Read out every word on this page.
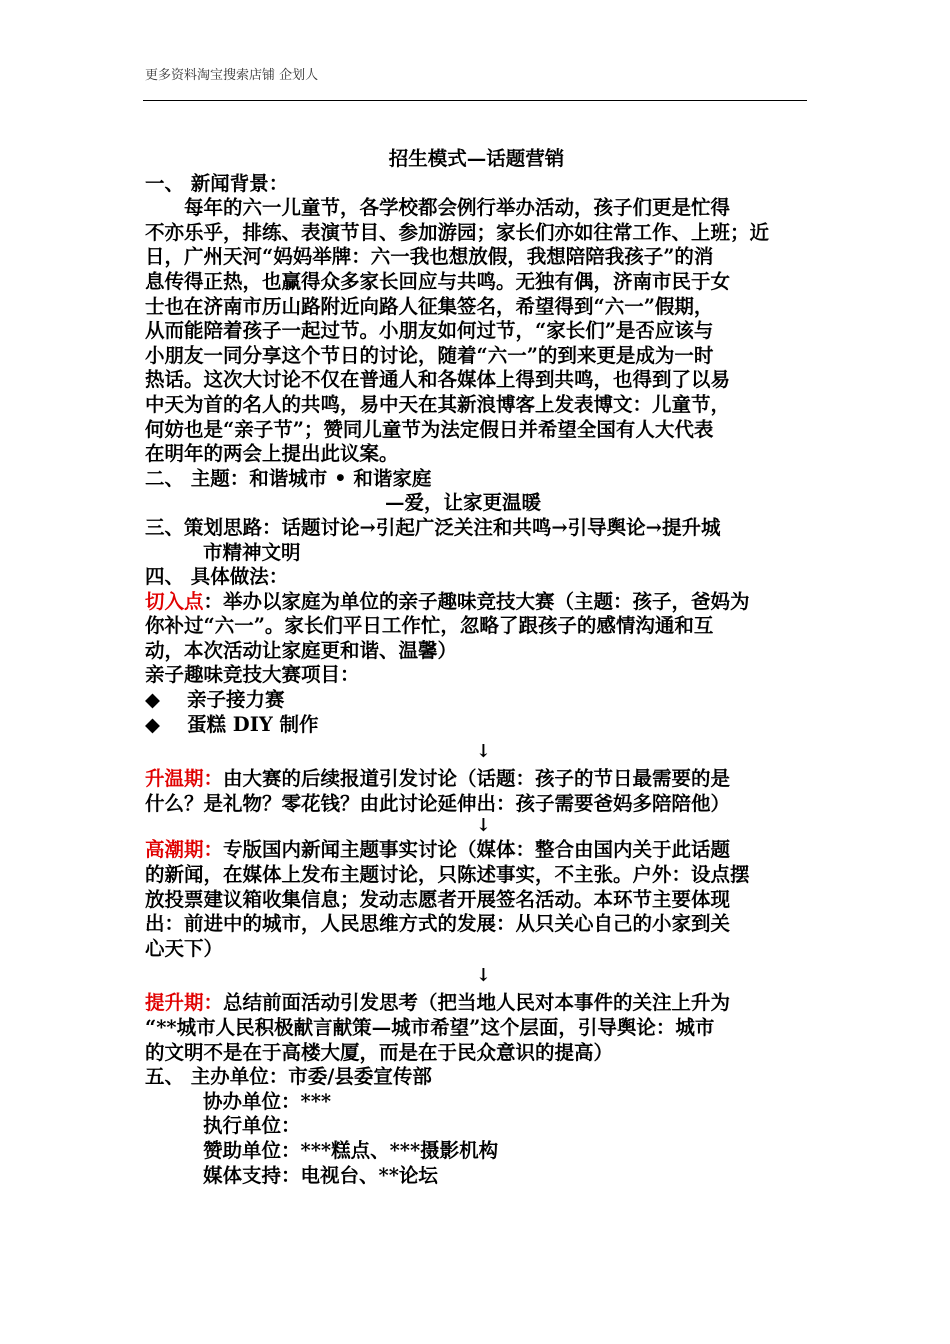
更多资料淘宝搜索店铺 企划人
招生模式—话题营销
一、 新闻背景：
　　每年的六一儿童节，各学校都会例行举办活动，孩子们更是忙得
不亦乐乎，排练、表演节目、参加游园；家长们亦如往常工作、上班；近
日，广州天河“妈妈举牌：六一我也想放假，我想陪陪我孩子”的消
息传得正热，也赢得众多家长回应与共鸣。无独有偶，济南市民于女
士也在济南市历山路附近向路人征集签名，希望得到“六一”假期，
从而能陪着孩子一起过节。小朋友如何过节，“家长们”是否应该与
小朋友一同分享这个节日的讨论，随着“六一”的到来更是成为一时
热话。这次大讨论不仅在普通人和各媒体上得到共鸣，也得到了以易
中天为首的名人的共鸣，易中天在其新浪博客上发表博文：儿童节，
何妨也是“亲子节”；赞同儿童节为法定假日并希望全国有人大代表
在明年的两会上提出此议案。
二、 主题：和谐城市 • 和谐家庭
—爱，让家更温暖
三、策划思路：话题讨论→引起广泛关注和共鸣→引导舆论→提升城
市精神文明
四、 具体做法：
切入点：举办以家庭为单位的亲子趣味竞技大赛（主题：孩子，爸妈为
你补过“六一”。家长们平日工作忙，忽略了跟孩子的感情沟通和互
动，本次活动让家庭更和谐、温馨）
亲子趣味竞技大赛项目：
◆ 亲子接力赛
◆ 蛋糕 DIY 制作
↓
升温期：由大赛的后续报道引发讨论（话题：孩子的节日最需要的是
什么？是礼物？零花钱？由此讨论延伸出：孩子需要爸妈多陪陪他）
↓
高潮期：专版国内新闻主题事实讨论（媒体：整合由国内关于此话题
的新闻，在媒体上发布主题讨论，只陈述事实，不主张。户外：设点摆
放投票建议箱收集信息；发动志愿者开展签名活动。本环节主要体现
出：前进中的城市，人民思维方式的发展：从只关心自己的小家到关
心天下）
↓
提升期：总结前面活动引发思考（把当地人民对本事件的关注上升为
“**城市人民积极献言献策—城市希望”这个层面，引导舆论：城市
的文明不是在于高楼大厦，而是在于民众意识的提高）
五、 主办单位：市委/县委宣传部
协办单位：***
执行单位：
赞助单位：***糕点、***摄影机构
媒体支持：电视台、**论坛
